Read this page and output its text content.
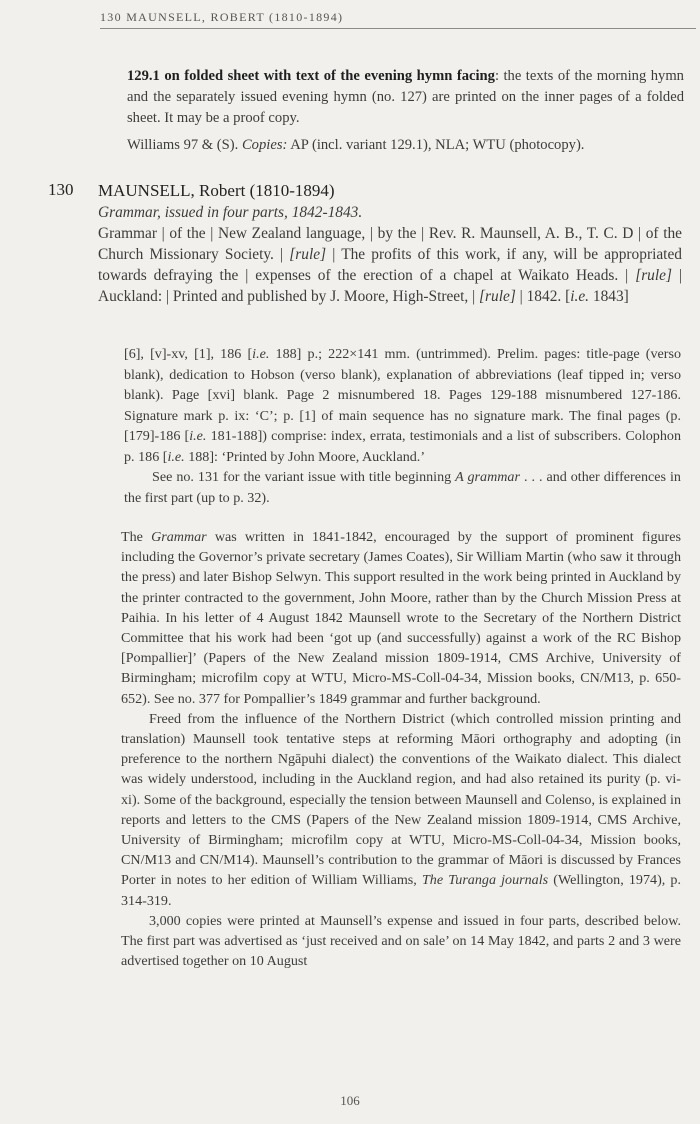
130 MAUNSELL, ROBERT (1810-1894)

129.1 on folded sheet with text of the evening hymn facing: the texts of the morning hymn and the separately issued evening hymn (no. 127) are printed on the inner pages of a folded sheet. It may be a proof copy.

Williams 97 & (S). Copies: AP (incl. variant 129.1), NLA; WTU (photocopy).

130 MAUNSELL, Robert (1810-1894)

Grammar, issued in four parts, 1842-1843.

Grammar | of the | New Zealand language, | by the | Rev. R. Maunsell, A. B., T. C. D | of the Church Missionary Society. | [rule] | The profits of this work, if any, will be appropriated towards defraying the | expenses of the erection of a chapel at Waikato Heads. | [rule] | Auckland: | Printed and published by J. Moore, High-Street, | [rule] | 1842. [i.e. 1843]

[6], [v]-xv, [1], 186 [i.e. 188] p.; 222×141 mm. (untrimmed). Prelim. pages: title-page (verso blank), dedication to Hobson (verso blank), explanation of abbreviations (leaf tipped in; verso blank). Page [xvi] blank. Page 2 misnumbered 18. Pages 129-188 misnumbered 127-186. Signature mark p. ix: ‘C’; p. [1] of main sequence has no signature mark. The final pages (p. [179]-186 [i.e. 181-188]) comprise: index, errata, testimonials and a list of subscribers. Colophon p. 186 [i.e. 188]: ‘Printed by John Moore, Auckland.’

See no. 131 for the variant issue with title beginning A grammar . . . and other differences in the first part (up to p. 32).

The Grammar was written in 1841-1842, encouraged by the support of prominent figures including the Governor’s private secretary (James Coates), Sir William Martin (who saw it through the press) and later Bishop Selwyn. This support resulted in the work being printed in Auckland by the printer contracted to the government, John Moore, rather than by the Church Mission Press at Paihia. In his letter of 4 August 1842 Maunsell wrote to the Secretary of the Northern District Committee that his work had been ‘got up (and successfully) against a work of the RC Bishop [Pompallier]’ (Papers of the New Zealand mission 1809-1914, CMS Archive, University of Birmingham; microfilm copy at WTU, Micro-MS-Coll-04-34, Mission books, CN/M13, p. 650-652). See no. 377 for Pompallier’s 1849 grammar and further background.

Freed from the influence of the Northern District (which controlled mission printing and translation) Maunsell took tentative steps at reforming Māori orthography and adopting (in preference to the northern Ngāpuhi dialect) the conventions of the Waikato dialect. This dialect was widely understood, including in the Auckland region, and had also retained its purity (p. vi-xi). Some of the background, especially the tension between Maunsell and Colenso, is explained in reports and letters to the CMS (Papers of the New Zealand mission 1809-1914, CMS Archive, University of Birmingham; microfilm copy at WTU, Micro-MS-Coll-04-34, Mission books, CN/M13 and CN/M14). Maunsell’s contribution to the grammar of Māori is discussed by Frances Porter in notes to her edition of William Williams, The Turanga journals (Wellington, 1974), p. 314-319.

3,000 copies were printed at Maunsell’s expense and issued in four parts, described below. The first part was advertised as ‘just received and on sale’ on 14 May 1842, and parts 2 and 3 were advertised together on 10 August

106
